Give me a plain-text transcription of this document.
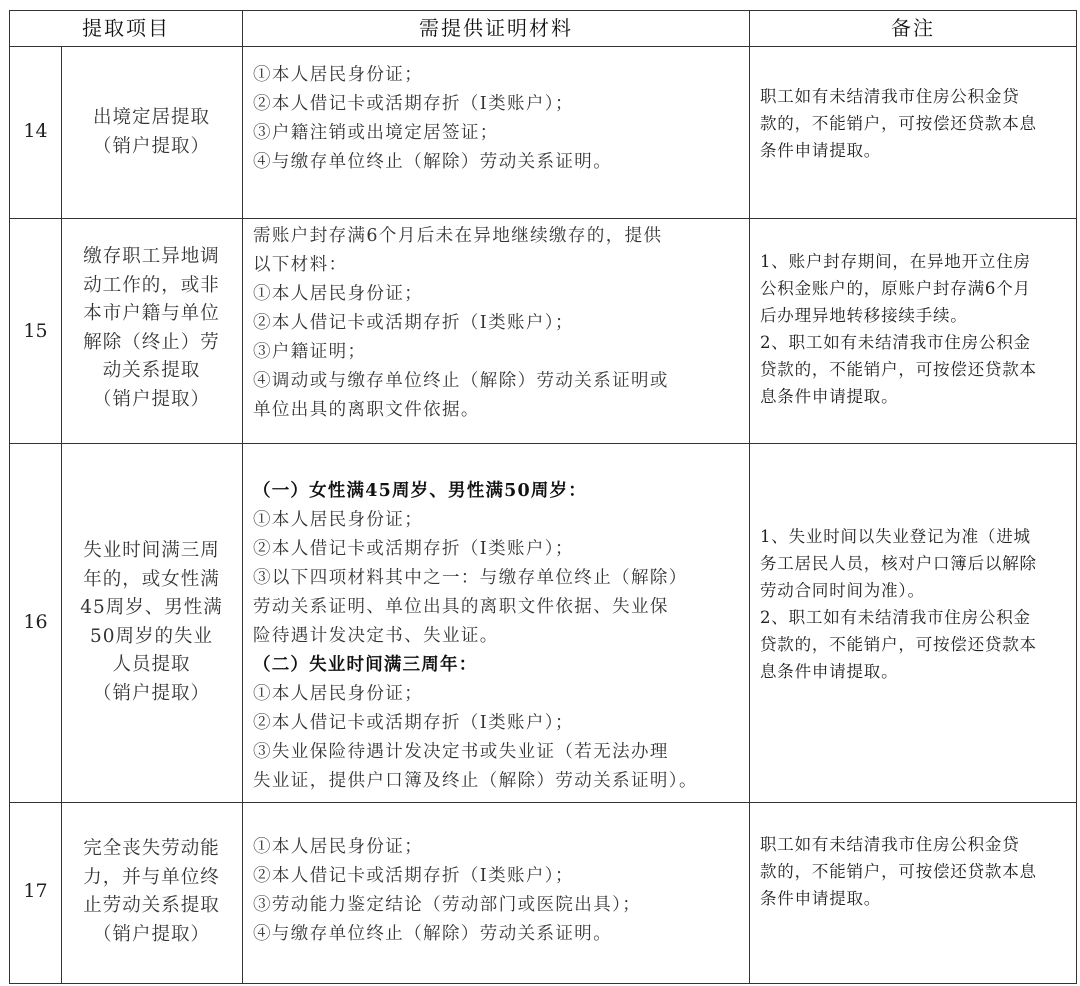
提取项目	需提供证明材料	备注
14
出境定居提取
（销户提取）
①本人居民身份证；
②本人借记卡或活期存折（Ⅰ类账户）；
③户籍注销或出境定居签证；
④与缴存单位终止（解除）劳动关系证明。
职工如有未结清我市住房公积金贷
款的，不能销户，可按偿还贷款本息
条件申请提取。
15
缴存职工异地调
动工作的，或非
本市户籍与单位
解除（终止）劳
动关系提取
（销户提取）
需账户封存满6个月后未在异地继续缴存的，提供
以下材料：
①本人居民身份证；
②本人借记卡或活期存折（Ⅰ类账户）；
③户籍证明；
④调动或与缴存单位终止（解除）劳动关系证明或
单位出具的离职文件依据。
1、账户封存期间，在异地开立住房
公积金账户的，原账户封存满6个月
后办理异地转移接续手续。
2、职工如有未结清我市住房公积金
贷款的，不能销户，可按偿还贷款本
息条件申请提取。
16
失业时间满三周
年的，或女性满
45周岁、男性满
50周岁的失业
人员提取
（销户提取）
（一）女性满45周岁、男性满50周岁：
①本人居民身份证；
②本人借记卡或活期存折（Ⅰ类账户）；
③以下四项材料其中之一：与缴存单位终止（解除）
劳动关系证明、单位出具的离职文件依据、失业保
险待遇计发决定书、失业证。
（二）失业时间满三周年：
①本人居民身份证；
②本人借记卡或活期存折（Ⅰ类账户）；
③失业保险待遇计发决定书或失业证（若无法办理
失业证，提供户口簿及终止（解除）劳动关系证明）。
1、失业时间以失业登记为准（进城
务工居民人员，核对户口簿后以解除
劳动合同时间为准）。
2、职工如有未结清我市住房公积金
贷款的，不能销户，可按偿还贷款本
息条件申请提取。
17
完全丧失劳动能
力，并与单位终
止劳动关系提取
（销户提取）
①本人居民身份证；
②本人借记卡或活期存折（Ⅰ类账户）；
③劳动能力鉴定结论（劳动部门或医院出具）；
④与缴存单位终止（解除）劳动关系证明。
职工如有未结清我市住房公积金贷
款的，不能销户，可按偿还贷款本息
条件申请提取。
